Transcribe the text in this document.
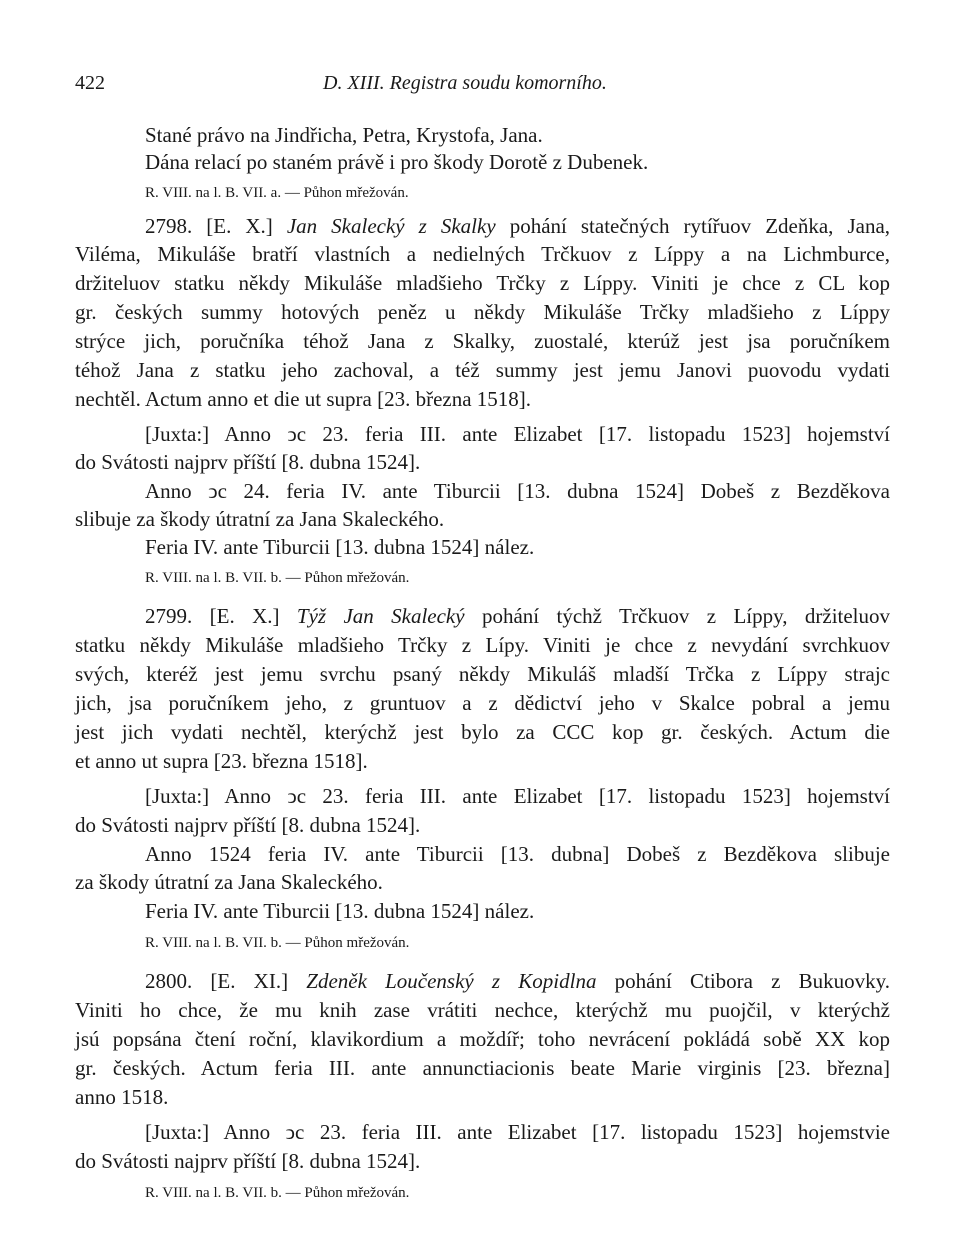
422	D. XIII. Registra soudu komorního.
Stané právo na Jindřicha, Petra, Krystofa, Jana.
Dána relací po staném právě i pro škody Dorotě z Dubenek.
R. VIII. na l. B. VII. a. — Půhon mřežován.
2798. [E. X.] Jan Skalecký z Skalky pohání statečných rytířuov Zdeňka, Jana,
Viléma, Mikuláše bratří vlastních a nedielných Trčkuov z Líppy a na Lichmburce,
držiteluov statku někdy Mikuláše mladšieho Trčky z Líppy. Viniti je chce z CL kop
gr. českých summy hotových peněz u někdy Mikuláše Trčky mladšieho z Líppy
strýce jich, poručníka téhož Jana z Skalky, zuostalé, kterúž jest jsa poručníkem
téhož Jana z statku jeho zachoval, a též summy jest jemu Janovi puovodu vydati
nechtěl. Actum anno et die ut supra [23. března 1518].
[Juxta:] Anno ↄc 23. feria III. ante Elizabet [17. listopadu 1523] hojemství
do Svátosti najprv příští [8. dubna 1524].
Anno ↄc 24. feria IV. ante Tiburcii [13. dubna 1524] Dobeš z Bezděkova
slibuje za škody útratní za Jana Skaleckého.
Feria IV. ante Tiburcii [13. dubna 1524] nález.
R. VIII. na l. B. VII. b. — Půhon mřežován.
2799. [E. X.] Týž Jan Skalecký pohání týchž Trčkuov z Líppy, držiteluov
statku někdy Mikuláše mladšieho Trčky z Lípy. Viniti je chce z nevydání svrchkuov
svých, kteréž jest jemu svrchu psaný někdy Mikuláš mladší Trčka z Líppy strajc
jich, jsa poručníkem jeho, z gruntuov a z dědictví jeho v Skalce pobral a jemu
jest jich vydati nechtěl, kterýchž jest bylo za CCC kop gr. českých. Actum die
et anno ut supra [23. března 1518].
[Juxta:] Anno ↄc 23. feria III. ante Elizabet [17. listopadu 1523] hojemství
do Svátosti najprv příští [8. dubna 1524].
Anno 1524 feria IV. ante Tiburcii [13. dubna] Dobeš z Bezděkova slibuje
za škody útratní za Jana Skaleckého.
Feria IV. ante Tiburcii [13. dubna 1524] nález.
R. VIII. na l. B. VII. b. — Půhon mřežován.
2800. [E. XI.] Zdeněk Loučenský z Kopidlna pohání Ctibora z Bukuovky.
Viniti ho chce, že mu knih zase vrátiti nechce, kterýchž mu puojčil, v kterýchž
jsú popsána čtení roční, klavikordium a moždíř; toho nevrácení pokládá sobě XX kop
gr. českých. Actum feria III. ante annunctiacionis beate Marie virginis [23. března]
anno 1518.
[Juxta:] Anno ↄc 23. feria III. ante Elizabet [17. listopadu 1523] hojemstvie
do Svátosti najprv příští [8. dubna 1524].
R. VIII. na l. B. VII. b. — Půhon mřežován.
